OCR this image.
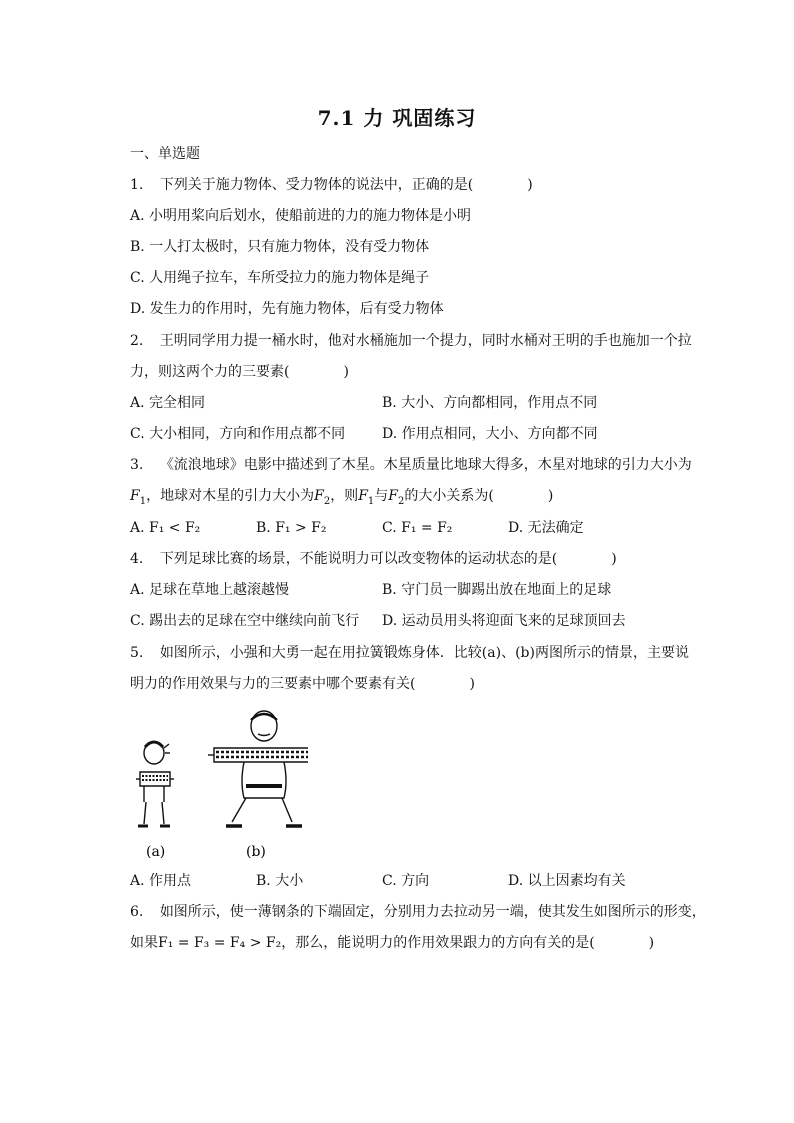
7.1 力 巩固练习
一、单选题
1. 下列关于施力物体、受力物体的说法中，正确的是(	)
A. 小明用桨向后划水，使船前进的力的施力物体是小明
B. 一人打太极时，只有施力物体，没有受力物体
C. 人用绳子拉车，车所受拉力的施力物体是绳子
D. 发生力的作用时，先有施力物体，后有受力物体
2. 王明同学用力提一桶水时，他对水桶施加一个提力，同时水桶对王明的手也施加一个拉
力，则这两个力的三要素(	)
A. 完全相同	B. 大小、方向都相同，作用点不同
C. 大小相同，方向和作用点都不同	D. 作用点相同，大小、方向都不同
3. 《流浪地球》电影中描述到了木星。木星质量比地球大得多，木星对地球的引力大小为
$F_1$，地球对木星的引力大小为$F_2$，则$F_1$与$F_2$的大小关系为(	)
A. F₁ < F₂	B. F₁ > F₂	C. F₁ = F₂	D. 无法确定
4. 下列足球比赛的场景，不能说明力可以改变物体的运动状态的是(	)
A. 足球在草地上越滚越慢	B. 守门员一脚踢出放在地面上的足球
C. 踢出去的足球在空中继续向前飞行 D. 运动员用头将迎面飞来的足球顶回去
5. 如图所示，小强和大勇一起在用拉簧锻炼身体．比较(a)、(b)两图所示的情景，主要说
明力的作用效果与力的三要素中哪个要素有关(	)
(a)	(b)
A. 作用点	B. 大小	C. 方向	D. 以上因素均有关
6. 如图所示，使一薄钢条的下端固定，分别用力去拉动另一端，使其发生如图所示的形变，
如果F₁ = F₃ = F₄ > F₂，那么，能说明力的作用效果跟力的方向有关的是(	)
